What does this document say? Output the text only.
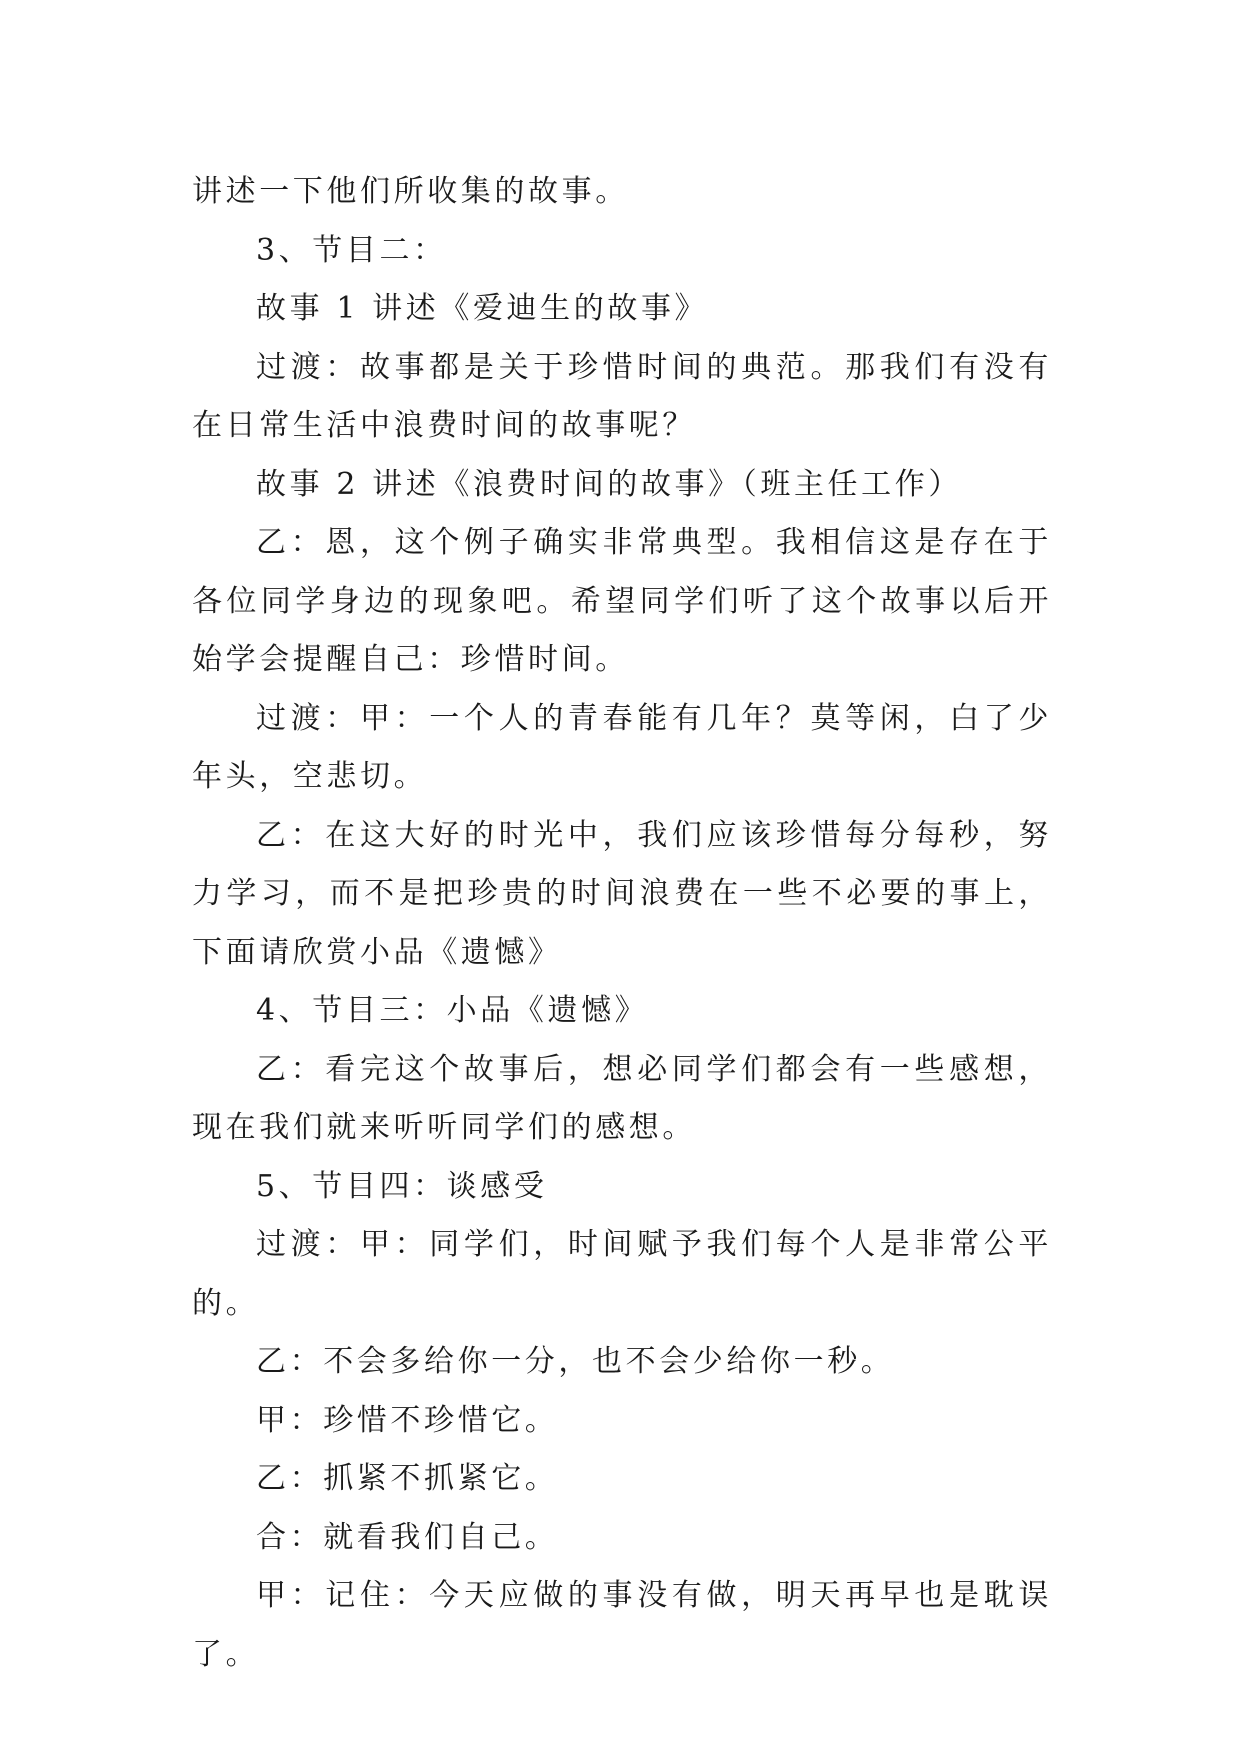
讲述一下他们所收集的故事。

3、节目二：

故事 1 讲述《爱迪生的故事》

过渡：故事都是关于珍惜时间的典范。那我们有没有在日常生活中浪费时间的故事呢？

故事 2 讲述《浪费时间的故事》（班主任工作）

乙：恩，这个例子确实非常典型。我相信这是存在于各位同学身边的现象吧。希望同学们听了这个故事以后开始学会提醒自己：珍惜时间。

过渡：甲：一个人的青春能有几年？莫等闲，白了少年头，空悲切。

乙：在这大好的时光中，我们应该珍惜每分每秒，努力学习，而不是把珍贵的时间浪费在一些不必要的事上，下面请欣赏小品《遗憾》

4、节目三：小品《遗憾》

乙：看完这个故事后，想必同学们都会有一些感想，现在我们就来听听同学们的感想。

5、节目四：谈感受

过渡：甲：同学们，时间赋予我们每个人是非常公平的。

乙：不会多给你一分，也不会少给你一秒。

甲：珍惜不珍惜它。

乙：抓紧不抓紧它。

合：就看我们自己。

甲：记住：今天应做的事没有做，明天再早也是耽误了。
